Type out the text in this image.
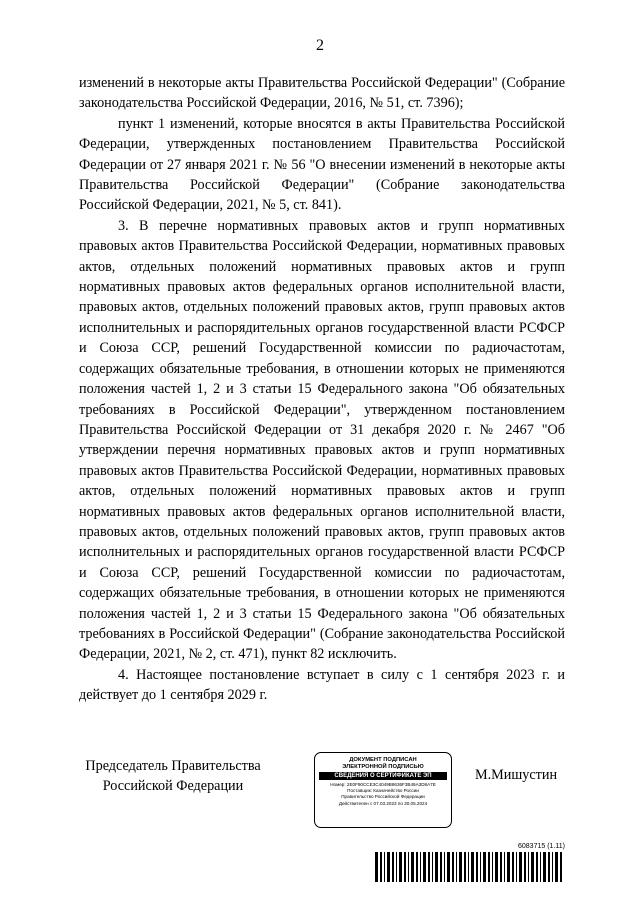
2

изменений в некоторые акты Правительства Российской Федерации" (Собрание законодательства Российской Федерации, 2016, № 51, ст. 7396);

пункт 1 изменений, которые вносятся в акты Правительства Российской Федерации, утвержденных постановлением Правительства Российской Федерации от 27 января 2021 г. № 56 "О внесении изменений в некоторые акты Правительства Российской Федерации" (Собрание законодательства Российской Федерации, 2021, № 5, ст. 841).

3. В перечне нормативных правовых актов и групп нормативных правовых актов Правительства Российской Федерации, нормативных правовых актов, отдельных положений нормативных правовых актов и групп нормативных правовых актов федеральных органов исполнительной власти, правовых актов, отдельных положений правовых актов, групп правовых актов исполнительных и распорядительных органов государственной власти РСФСР и Союза ССР, решений Государственной комиссии по радиочастотам, содержащих обязательные требования, в отношении которых не применяются положения частей 1, 2 и 3 статьи 15 Федерального закона "Об обязательных требованиях в Российской Федерации", утвержденном постановлением Правительства Российской Федерации от 31 декабря 2020 г. № 2467 "Об утверждении перечня нормативных правовых актов и групп нормативных правовых актов Правительства Российской Федерации, нормативных правовых актов, отдельных положений нормативных правовых актов и групп нормативных правовых актов федеральных органов исполнительной власти, правовых актов, отдельных положений правовых актов, групп правовых актов исполнительных и распорядительных органов государственной власти РСФСР и Союза ССР, решений Государственной комиссии по радиочастотам, содержащих обязательные требования, в отношении которых не применяются положения частей 1, 2 и 3 статьи 15 Федерального закона "Об обязательных требованиях в Российской Федерации" (Собрание законодательства Российской Федерации, 2021, № 2, ст. 471), пункт 82 исключить.

4. Настоящее постановление вступает в силу с 1 сентября 2023 г. и действует до 1 сентября 2029 г.

Председатель Правительства
Российской Федерации
ДОКУМЕНТ ПОДПИСАН
ЭЛЕКТРОННОЙ ПОДПИСЬЮ
СВЕДЕНИЯ О СЕРТИФИКАТЕ ЭП
Номер: 2E0F90CCE3C4049B8636F3B49A3D8A7E
Поставщик: Казначейство России
Правительство Российской Федерации
Действителен с 07.03.2023 по 30.05.2024
М.Мишустин
6083715 (1.11)
